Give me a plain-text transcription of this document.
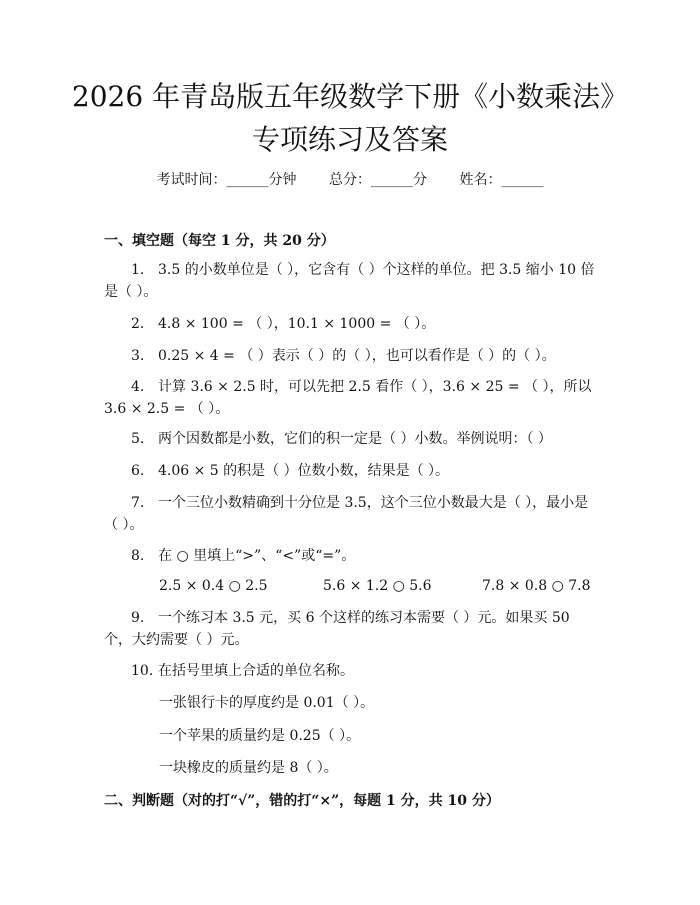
2026 年青岛版五年级数学下册《小数乘法》
专项练习及答案
考试时间：______分钟 总分：______分 姓名：______
一、填空题（每空 1 分，共 20 分）
1. 3.5 的小数单位是（ ），它含有（ ）个这样的单位。把 3.5 缩小 10 倍是（ ）。
2. 4.8 × 100 = （ ），10.1 × 1000 = （ ）。
3. 0.25 × 4 = （ ）表示（ ）的（ ），也可以看作是（ ）的（ ）。
4. 计算 3.6 × 2.5 时，可以先把 2.5 看作（ ），3.6 × 25 = （ ），所以 3.6 × 2.5 = （ ）。
5. 两个因数都是小数，它们的积一定是（ ）小数。举例说明：（ ）
6. 4.06 × 5 的积是（ ）位数小数，结果是（ ）。
7. 一个三位小数精确到十分位是 3.5，这个三位小数最大是（ ），最小是（ ）。
8. 在 ○ 里填上“>”、“<”或“=”。
2.5 × 0.4 ○ 2.5	5.6 × 1.2 ○ 5.6	7.8 × 0.8 ○ 7.8
9. 一个练习本 3.5 元，买 6 个这样的练习本需要（ ）元。如果买 50 个，大约需要（ ）元。
10. 在括号里填上合适的单位名称。
一张银行卡的厚度约是 0.01（ ）。
一个苹果的质量约是 0.25（ ）。
一块橡皮的质量约是 8（ ）。
二、判断题（对的打“√”，错的打“×”，每题 1 分，共 10 分）
